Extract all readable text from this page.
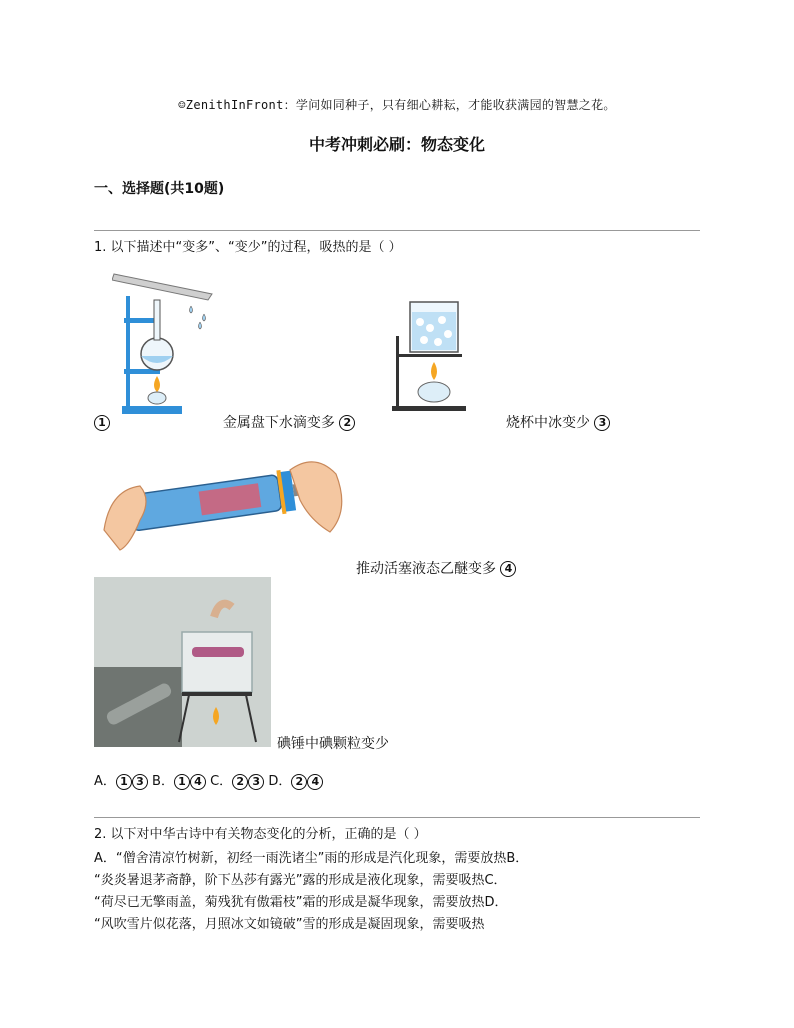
☺ZenithInFront：学问如同种子，只有细心耕耘，才能收获满园的智慧之花。
中考冲刺必刷：物态变化
一、选择题(共10题)
1. 以下描述中“变多”、“变少”的过程，吸热的是（ ）
1	金属盘下水滴变多 2	烧杯中冰变少 3
推动活塞液态乙醚变多 4
碘锤中碘颗粒变少
A． 1 3 B． 1 4 C． 2 3 D． 2 4
2. 以下对中华古诗中有关物态变化的分析，正确的是（ ）
A．“僧舍清凉竹树新，初经一雨洗诸尘”雨的形成是汽化现象，需要放热B．
“炎炎暑退茅斋静，阶下丛莎有露光”露的形成是液化现象，需要吸热C．
“荷尽已无擎雨盖，菊残犹有傲霜枝”霜的形成是凝华现象，需要放热D．
“风吹雪片似花落，月照冰文如镜破”雪的形成是凝固现象，需要吸热
